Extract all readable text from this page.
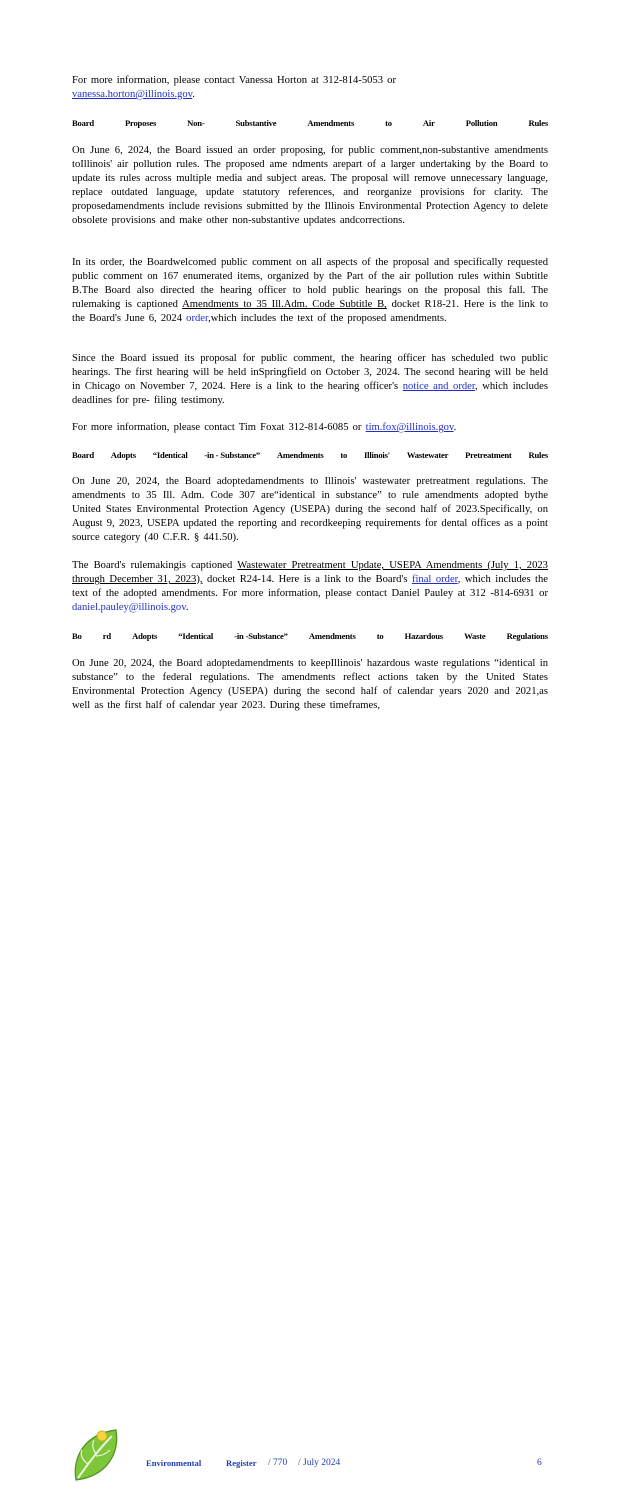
For more information, please contact Vanessa Horton at 312-814-5053 or
vanessa.horton@illinois.gov.

Board	Proposes	Non-	Substantive	Amendments	to	Air	Pollution	Rules

On June 6, 2024, the Board issued an order proposing, for public comment,non-substantive amendments toIllinois' air pollution rules. The proposed ame ndments arepart of a larger undertaking by the Board to update its rules across multiple media and subject areas. The proposal will remove unnecessary language, replace outdated language, update statutory references, and reorganize provisions for clarity. The proposedamendments include revisions submitted by the Illinois Environmental Protection Agency to delete obsolete provisions and make other non-substantive updates andcorrections.

In its order, the Boardwelcomed public comment on all aspects of the proposal and specifically requested public comment on 167 enumerated items, organized by the Part of the air pollution rules within Subtitle B.The Board also directed the hearing officer to hold public hearings on the proposal this fall. The rulemaking is captioned Amendments to 35 Ill.Adm. Code Subtitle B, docket R18-21. Here is the link to the Board's June 6, 2024 order,which includes the text of the proposed amendments.

Since the Board issued its proposal for public comment, the hearing officer has scheduled two public hearings. The first hearing will be held inSpringfield on October 3, 2024. The second hearing will be held in Chicago on November 7, 2024. Here is a link to the hearing officer's notice and order, which includes deadlines for pre- filing testimony.

For more information, please contact Tim Foxat 312-814-6085 or tim.fox@illinois.gov.

Board Adopts “Identical -in - Substance” Amendments to Illinois' Wastewater Pretreatment Rules

On June 20, 2024, the Board adoptedamendments to Illinois' wastewater pretreatment regulations. The amendments to 35 Ill. Adm. Code 307 are“identical in substance” to rule amendments adopted bythe United States Environmental Protection Agency (USEPA) during the second half of 2023.Specifically, on August 9, 2023, USEPA updated the reporting and recordkeeping requirements for dental offices as a point source category (40 C.F.R. § 441.50).

The Board's rulemakingis captioned Wastewater Pretreatment Update, USEPA Amendments (July 1, 2023 through December 31, 2023), docket R24-14. Here is a link to the Board's final order, which includes the text of the adopted amendments. For more information, please contact Daniel Pauley at 312 -814-6931 or daniel.pauley@illinois.gov.

Bo rd Adopts “Identical -in -Substance” Amendments to Hazardous Waste Regulations

On June 20, 2024, the Board adoptedamendments to keepIllinois' hazardous waste regulations “identical in substance” to the federal regulations. The amendments reflect actions taken by the United States Environmental Protection Agency (USEPA) during the second half of calendar years 2020 and 2021,as well as the first half of calendar year 2023. During these timeframes,

Environmental	Register / 770 / July 2024	6
